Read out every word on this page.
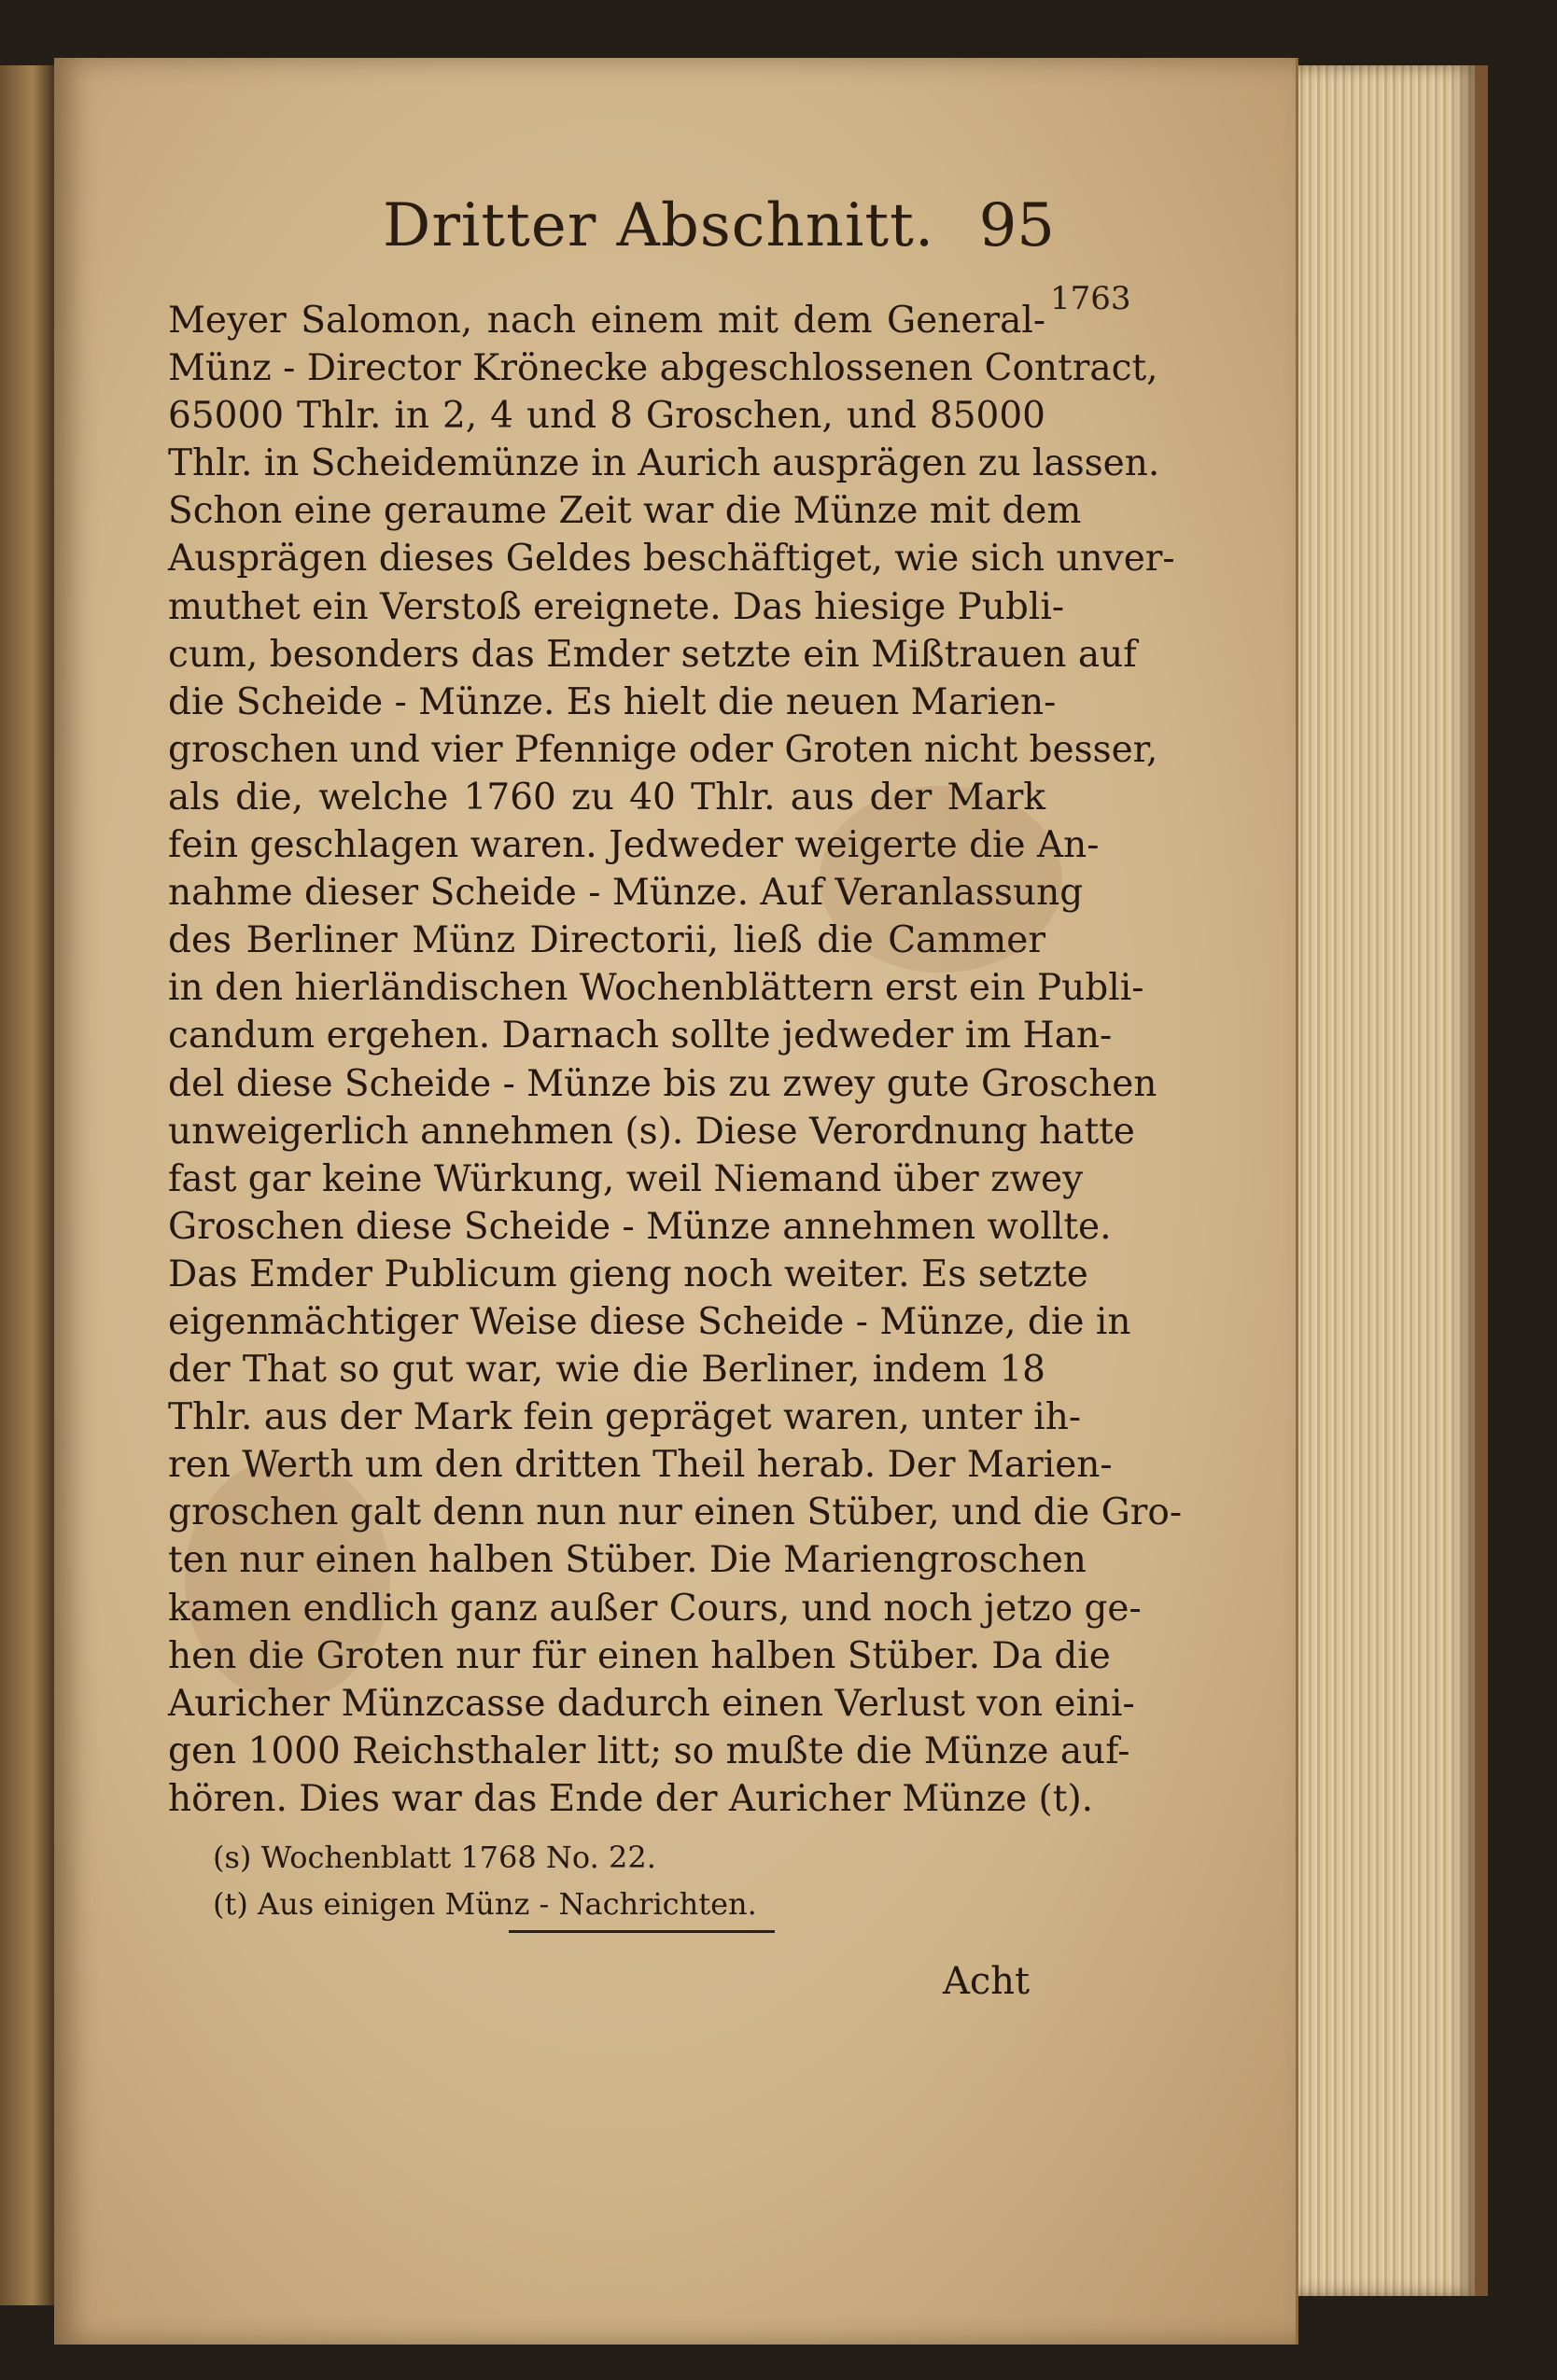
Dritter Abschnitt. 95
1763
Meyer Salomon, nach einem mit dem General-
Münz - Director Krönecke abgeschlossenen Contract,
65000 Thlr. in 2, 4 und 8 Groschen, und 85000
Thlr. in Scheidemünze in Aurich ausprägen zu lassen.
Schon eine geraume Zeit war die Münze mit dem
Ausprägen dieses Geldes beschäftiget, wie sich unver-
muthet ein Verstoß ereignete. Das hiesige Publi-
cum, besonders das Emder setzte ein Mißtrauen auf
die Scheide - Münze. Es hielt die neuen Marien-
groschen und vier Pfennige oder Groten nicht besser,
als die, welche 1760 zu 40 Thlr. aus der Mark
fein geschlagen waren. Jedweder weigerte die An-
nahme dieser Scheide - Münze. Auf Veranlassung
des Berliner Münz Directorii, ließ die Cammer
in den hierländischen Wochenblättern erst ein Publi-
candum ergehen. Darnach sollte jedweder im Han-
del diese Scheide - Münze bis zu zwey gute Groschen
unweigerlich annehmen (s). Diese Verordnung hatte
fast gar keine Würkung, weil Niemand über zwey
Groschen diese Scheide - Münze annehmen wollte.
Das Emder Publicum gieng noch weiter. Es setzte
eigenmächtiger Weise diese Scheide - Münze, die in
der That so gut war, wie die Berliner, indem 18
Thlr. aus der Mark fein gepräget waren, unter ih-
ren Werth um den dritten Theil herab. Der Marien-
groschen galt denn nun nur einen Stüber, und die Gro-
ten nur einen halben Stüber. Die Mariengroschen
kamen endlich ganz außer Cours, und noch jetzo ge-
hen die Groten nur für einen halben Stüber. Da die
Auricher Münzcasse dadurch einen Verlust von eini-
gen 1000 Reichsthaler litt; so mußte die Münze auf-
hören. Dies war das Ende der Auricher Münze (t).
(s) Wochenblatt 1768 No. 22.
(t) Aus einigen Münz - Nachrichten.
Acht
